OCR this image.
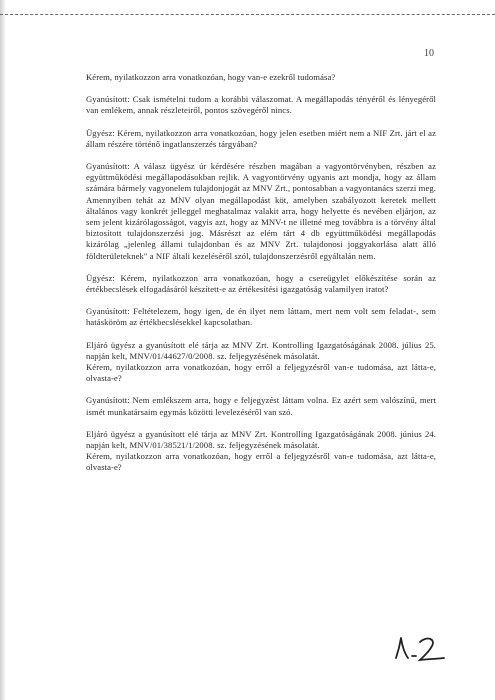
10

Kérem, nyilatkozzon arra vonatkozóan, hogy van-e ezekről tudomása?

Gyanúsított: Csak ismételni tudom a korábbi válaszomat. A megállapodás tényéről és lényegéről van emlékem, annak részleteiről, pontos szövegéről nincs.

Ügyész: Kérem, nyilatkozzon arra vonatkozóan, hogy jelen esetben miért nem a NIF Zrt. járt el az állam részére történő ingatlanszerzés tárgyában?

Gyanúsított: A válasz ügyész úr kérdésére részben magában a vagyontörvényben, részben az együttműködési megállapodásokban rejlik. A vagyontörvény ugyanis azt mondja, hogy az állam számára bármely vagyonelem tulajdonjogát az MNV Zrt., pontosabban a vagyontanács szerzi meg. Amennyiben tehát az MNV olyan megállapodást köt, amelyben szabályozott keretek mellett általános vagy konkrét jelleggel meghatalmaz valakit arra, hogy helyette és nevében eljárjon, az sem jelent kizárólagosságot, vagyis azt, hogy az MNV-t ne illetné meg továbbra is a törvény által biztosított tulajdonszerzési jog. Másrészt az elém tárt 4 db együttműködési megállapodás kizárólag „jelenleg állami tulajdonban és az MNV Zrt. tulajdonosi joggyakorlása alatt álló földterületeknek" a NIF általi kezeléséről szól, tulajdonszerzésről egyáltalán nem.

Ügyész: Kérem, nyilatkozzon arra vonatkozóan, hogy a csereügylet előkészítése során az értékbecslések elfogadásáról készített-e az értékesítési igazgatóság valamilyen iratot?

Gyanúsított: Feltételezem, hogy igen, de én ilyet nem láttam, mert nem volt sem feladat-, sem hatásköröm az értékbecslésekkel kapcsolatban.

Eljáró ügyész a gyanúsított elé tárja az MNV Zrt. Kontrolling Igazgatóságának 2008. július 25. napján kelt, MNV/01/44627/0/2008. sz. feljegyzésének másolatát.

Kérem, nyilatkozzon arra vonatkozóan, hogy erről a feljegyzésről van-e tudomása, azt látta-e, olvasta-e?

Gyanúsított: Nem emlékszem arra, hogy e feljegyzést láttam volna. Ez azért sem valószínű, mert ismét munkatársaim egymás közötti levelezéséről van szó.

Eljáró ügyész a gyanúsított elé tárja az MNV Zrt. Kontrolling Igazgatóságának 2008. június 24. napján kelt, MNV/01/38521/1/2008. sz. feljegyzésének másolatát.

Kérem, nyilatkozzon arra vonatkozóan, hogy erről a feljegyzésről van-e tudomása, azt látta-e, olvasta-e?
